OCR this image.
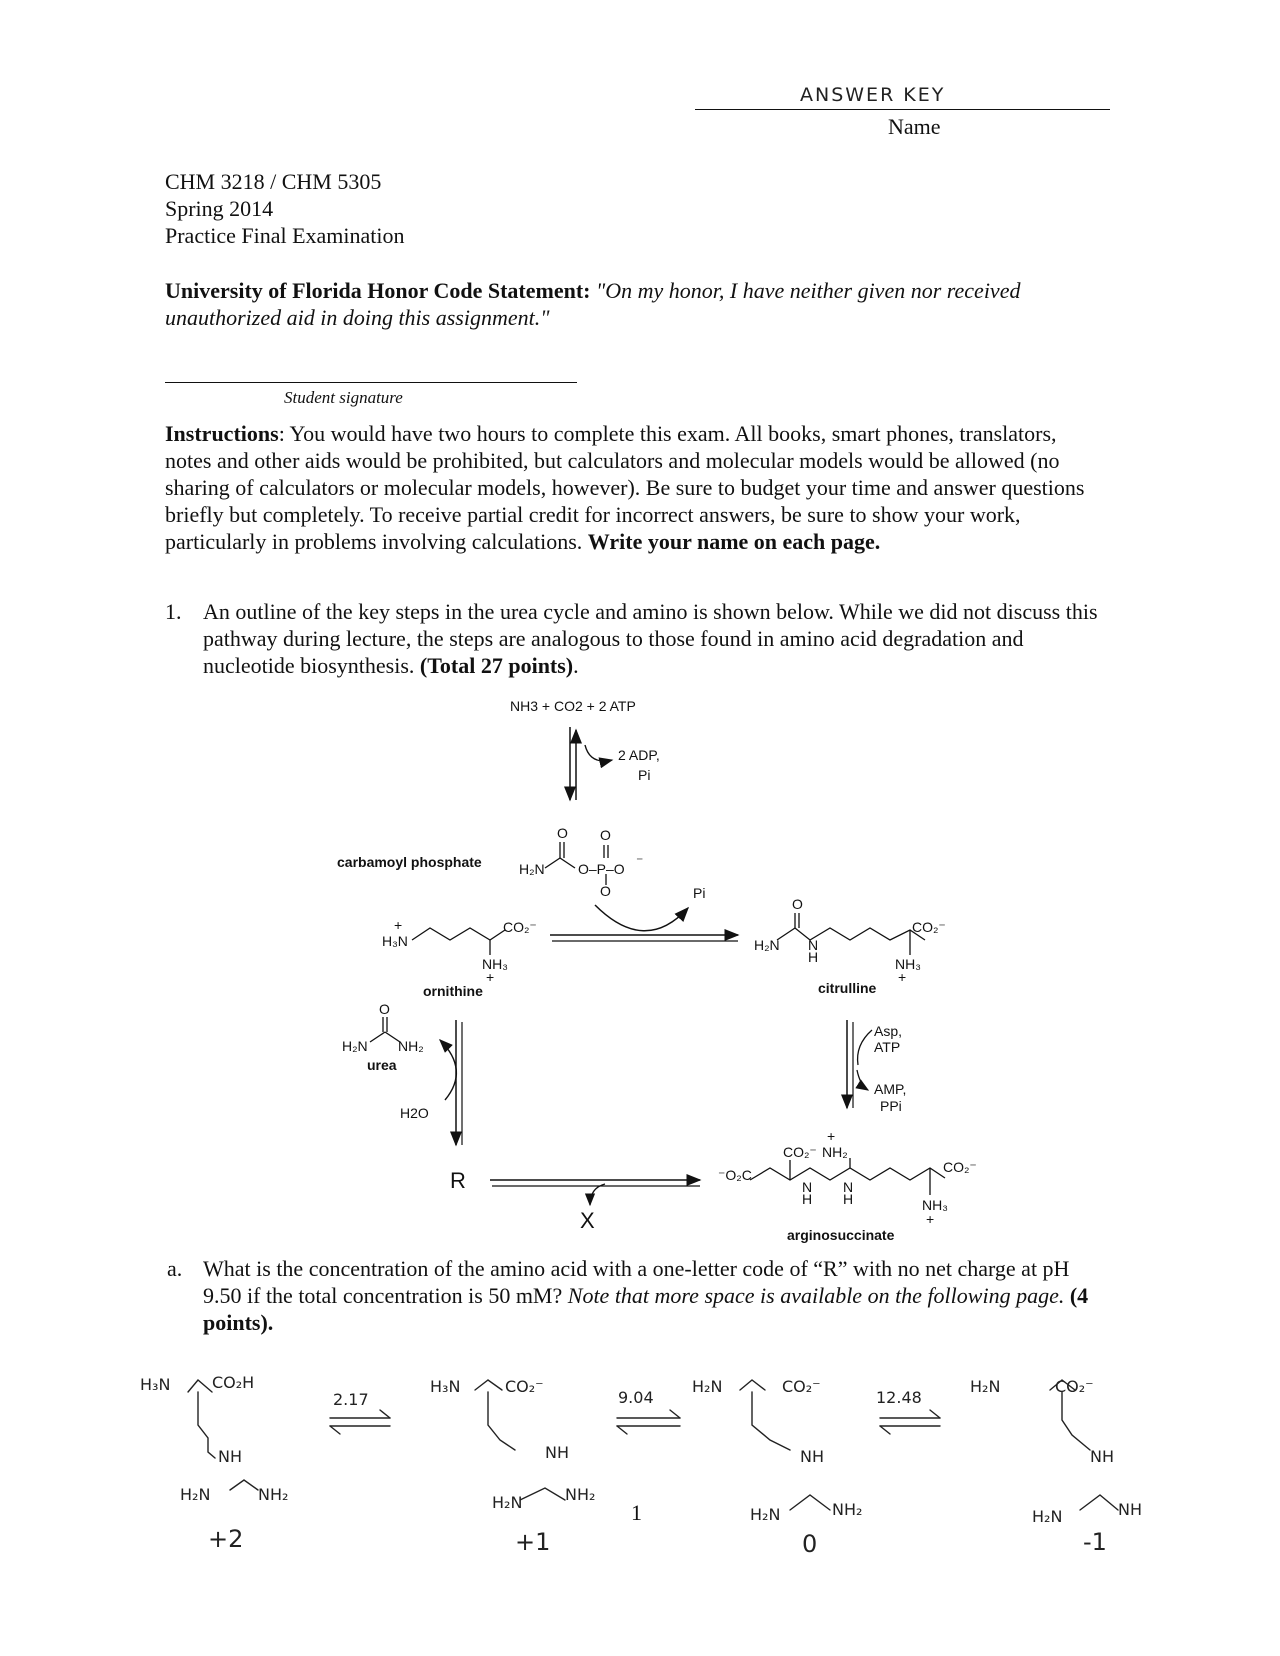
ANSWER KEY
Name
CHM 3218 / CHM 5305
Spring 2014
Practice Final Examination
University of Florida Honor Code Statement: "On my honor, I have neither given nor received unauthorized aid in doing this assignment."
Student signature
Instructions: You would have two hours to complete this exam. All books, smart phones, translators, notes and other aids would be prohibited, but calculators and molecular models would be allowed (no sharing of calculators or molecular models, however). Be sure to budget your time and answer questions briefly but completely. To receive partial credit for incorrect answers, be sure to show your work, particularly in problems involving calculations. Write your name on each page.
1. An outline of the key steps in the urea cycle and amino is shown below. While we did not discuss this pathway during lecture, the steps are analogous to those found in amino acid degradation and nucleotide biosynthesis. (Total 27 points).
NH3 + CO2 + 2 ATP
2 ADP,
Pi
carbamoyl phosphate	H₂N
O
O–P–O
O
O
⁻
Pi
H₃N
+	CO₂⁻
NH₃
+
ornithine
H₂N
O
N
H
CO₂⁻
NH₃
+
citrulline
O
H₂N NH₂
urea
H2O
Asp,
ATP
AMP,
PPi
R
X
⁻O₂C
CO₂⁻ NH₂
+
N
H
N
H
CO₂⁻
NH₃
+
arginosuccinate
a. What is the concentration of the amino acid with a one-letter code of “R” with no net charge at pH 9.50 if the total concentration is 50 mM? Note that more space is available on the following page. (4 points).
H₃N	CO₂H
NH
H₂N	NH₂
H₃N	CO₂⁻
NH
H₂N	NH₂
H₂N	CO₂⁻
NH
H₂N	NH₂
H₂N	CO₂⁻
NH
H₂N	NH
2.17	9.04	12.48
+2	+1	0	-1
1
